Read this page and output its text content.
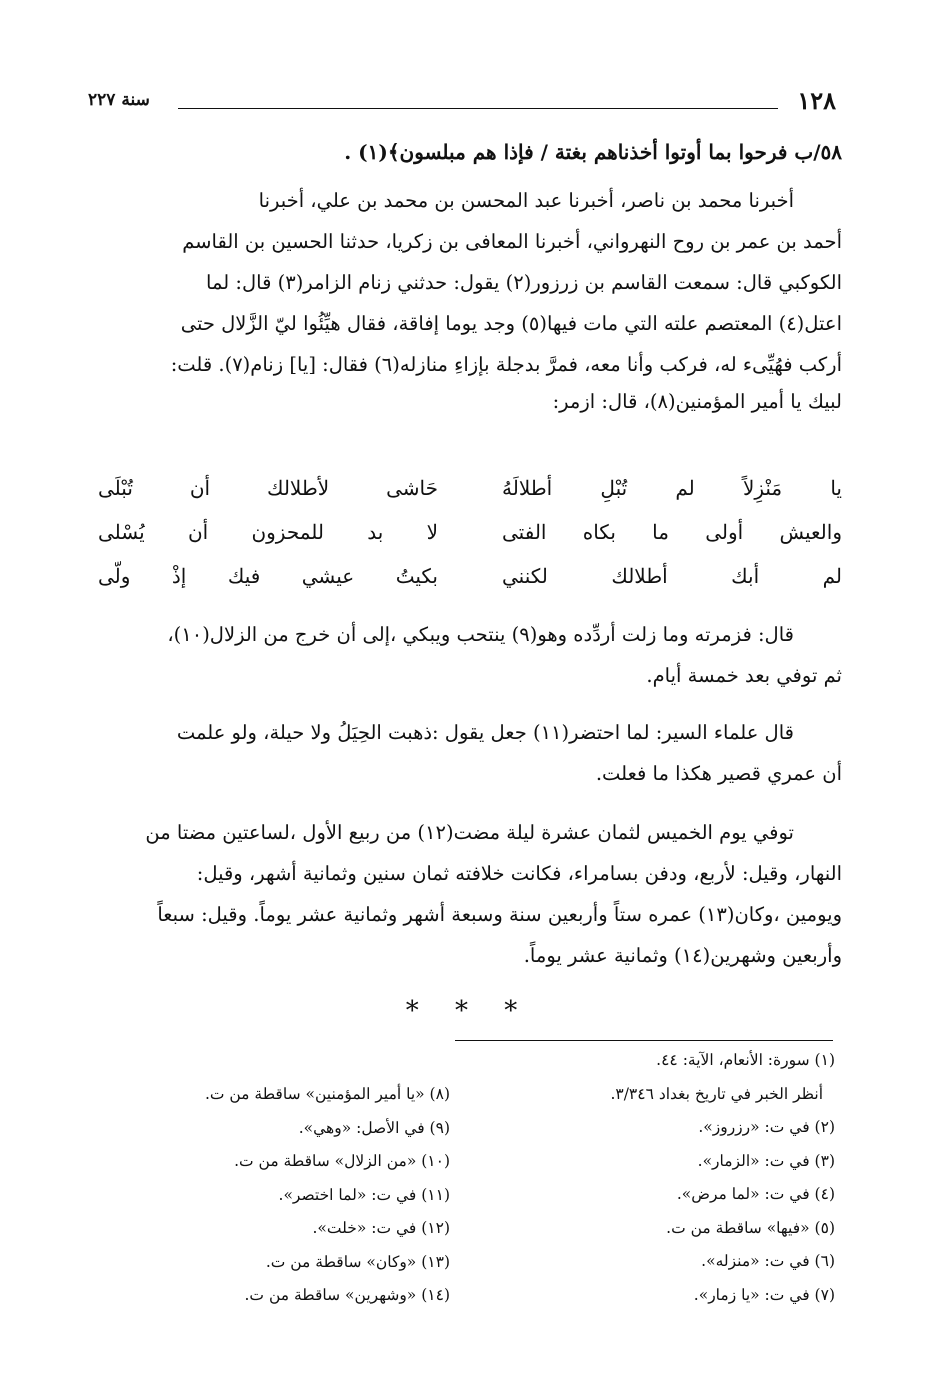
١٢٨
سنة ٢٢٧
٥٨/ب فرحوا بما أوتوا أخذناهم بغتة / فإذا هم مبلسون﴾(١) .
أخبرنا محمد بن ناصر، أخبرنا عبد المحسن بن محمد بن علي، أخبرنا
أحمد بن عمر بن روح النهرواني، أخبرنا المعافى بن زكريا، حدثنا الحسين بن القاسم
الكوكبي قال: سمعت القاسم بن زرزور(٢) يقول: حدثني زنام الزامر(٣) قال: لما
اعتل(٤) المعتصم علته التي مات فيها(٥) وجد يوما إفاقة، فقال هيِّئُوا ليّ الزَّلال حتى
أركب فهُيِّىء له، فركب وأنا معه، فمرَّ بدجلة بإزاءِ منازله(٦) فقال: [يا] زنام(٧). قلت:
لبيك يا أمير المؤمنين(٨)، قال: ازمر:
يا مَنْزِلاً لم تُبْلِ أطلالَهُ
حَاشى لأطلالك أن تُبْلَى
والعيش أولى ما بكاه الفتى
لا بد للمحزون أن يُسْلى
لم أبك أطلالك لكنني
بكيتُ عيشي فيك إذْ ولّى
قال: فزمرته وما زلت أردِّده وهو(٩) ينتحب ويبكي ،إلى أن خرج من الزلال(١٠)،
ثم توفي بعد خمسة أيام.
قال علماء السير: لما احتضر(١١) جعل يقول :ذهبت الحِيَلُ ولا حيلة، ولو علمت
أن عمري قصير هكذا ما فعلت.
توفي يوم الخميس لثمان عشرة ليلة مضت(١٢) من ربيع الأول ،لساعتين مضتا من
النهار، وقيل: لأربع، ودفن بسامراء، فكانت خلافته ثمان سنين وثمانية أشهر، وقيل:
ويومين ،وكان(١٣) عمره ستاً وأربعين سنة وسبعة أشهر وثمانية عشر يوماً. وقيل: سبعاً
وأربعين وشهرين(١٤) وثمانية عشر يوماً.
* * *
(١) سورة: الأنعام، الآية: ٤٤.
أنظر الخبر في تاريخ بغداد ٣/٣٤٦.
(٢) في ت: «رزروز».
(٣) في ت: «الزمار».
(٤) في ت: «لما مرض».
(٥) «فيها» ساقطة من ت.
(٦) في ت: «منزله».
(٧) في ت: «يا زمار».
(٨) «يا أمير المؤمنين» ساقطة من ت.
(٩) في الأصل: «وهي».
(١٠) «من الزلال» ساقطة من ت.
(١١) في ت: «لما اختصر».
(١٢) في ت: «خلت».
(١٣) «وكان» ساقطة من ت.
(١٤) «وشهرين» ساقطة من ت.
